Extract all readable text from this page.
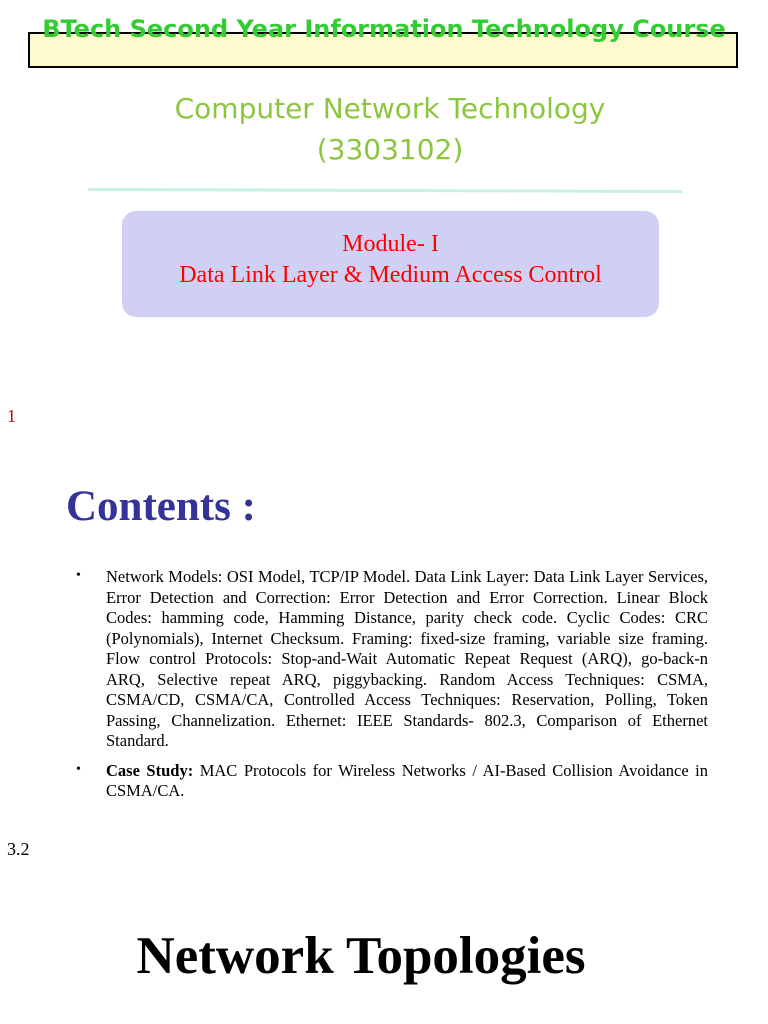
BTech Second Year Information Technology Course
Computer Network Technology
(3303102)
Module- I
Data Link Layer & Medium Access Control
1
Contents :
• Network Models: OSI Model, TCP/IP Model. Data Link Layer: Data Link Layer Services, Error Detection and Correction: Error Detection and Error Correction. Linear Block Codes: hamming code, Hamming Distance, parity check code. Cyclic Codes: CRC (Polynomials), Internet Checksum. Framing: fixed-size framing, variable size framing. Flow control Protocols: Stop-and-Wait Automatic Repeat Request (ARQ), go-back-n ARQ, Selective repeat ARQ, piggybacking. Random Access Techniques: CSMA, CSMA/CD, CSMA/CA, Controlled Access Techniques: Reservation, Polling, Token Passing, Channelization. Ethernet: IEEE Standards- 802.3, Comparison of Ethernet Standard.
• Case Study: MAC Protocols for Wireless Networks / AI-Based Collision Avoidance in CSMA/CA.
3.2
Network Topologies
